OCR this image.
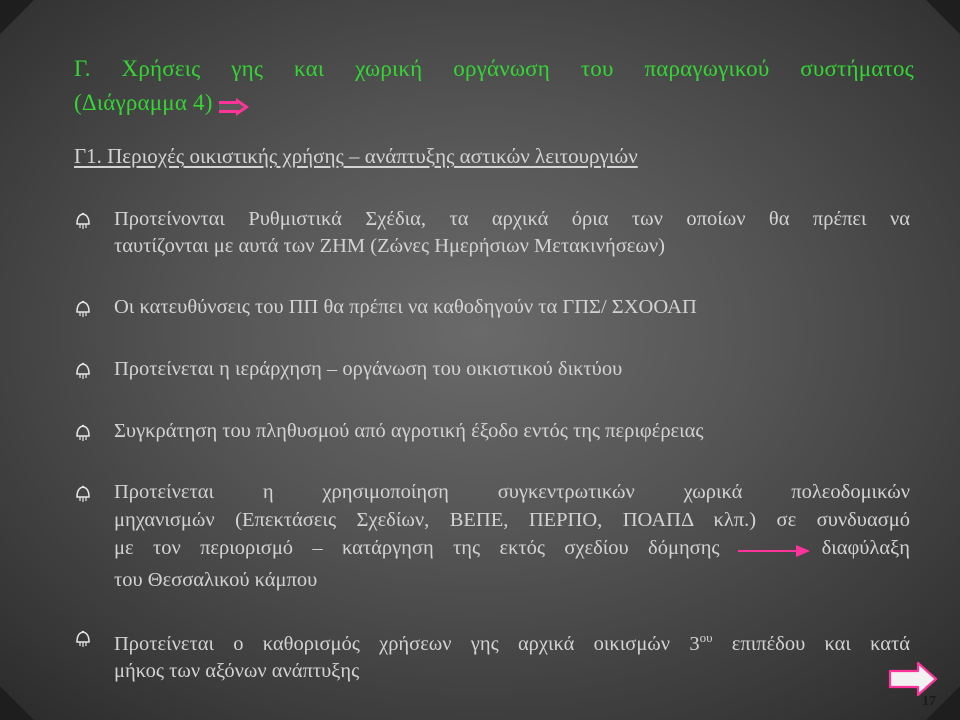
Γ. Χρήσεις γης και χωρική οργάνωση του παραγωγικού συστήματος
(Διάγραμμα 4)
Γ1. Περιοχές οικιστικής χρήσης – ανάπτυξης αστικών λειτουργιών
Προτείνονται Ρυθμιστικά Σχέδια, τα αρχικά όρια των οποίων θα πρέπει να
ταυτίζονται με αυτά των ΖΗΜ (Ζώνες Ημερήσιων Μετακινήσεων)
Οι κατευθύνσεις του ΠΠ θα πρέπει να καθοδηγούν τα ΓΠΣ/ ΣΧΟΟΑΠ
Προτείνεται η ιεράρχηση – οργάνωση του οικιστικού δικτύου
Συγκράτηση του πληθυσμού από αγροτική έξοδο εντός της περιφέρειας
Προτείνεται η χρησιμοποίηση συγκεντρωτικών χωρικά πολεοδομικών
μηχανισμών (Επεκτάσεις Σχεδίων, ΒΕΠΕ, ΠΕΡΠΟ, ΠΟΑΠΔ κλπ.) σε συνδυασμό
με τον περιορισμό – κατάργηση της εκτός σχεδίου δόμησης	διαφύλαξη
του Θεσσαλικού κάμπου
Προτείνεται ο καθορισμός χρήσεων γης αρχικά οικισμών $3^{o\upsilon}$ επιπέδου και κατά
μήκος των αξόνων ανάπτυξης
17
